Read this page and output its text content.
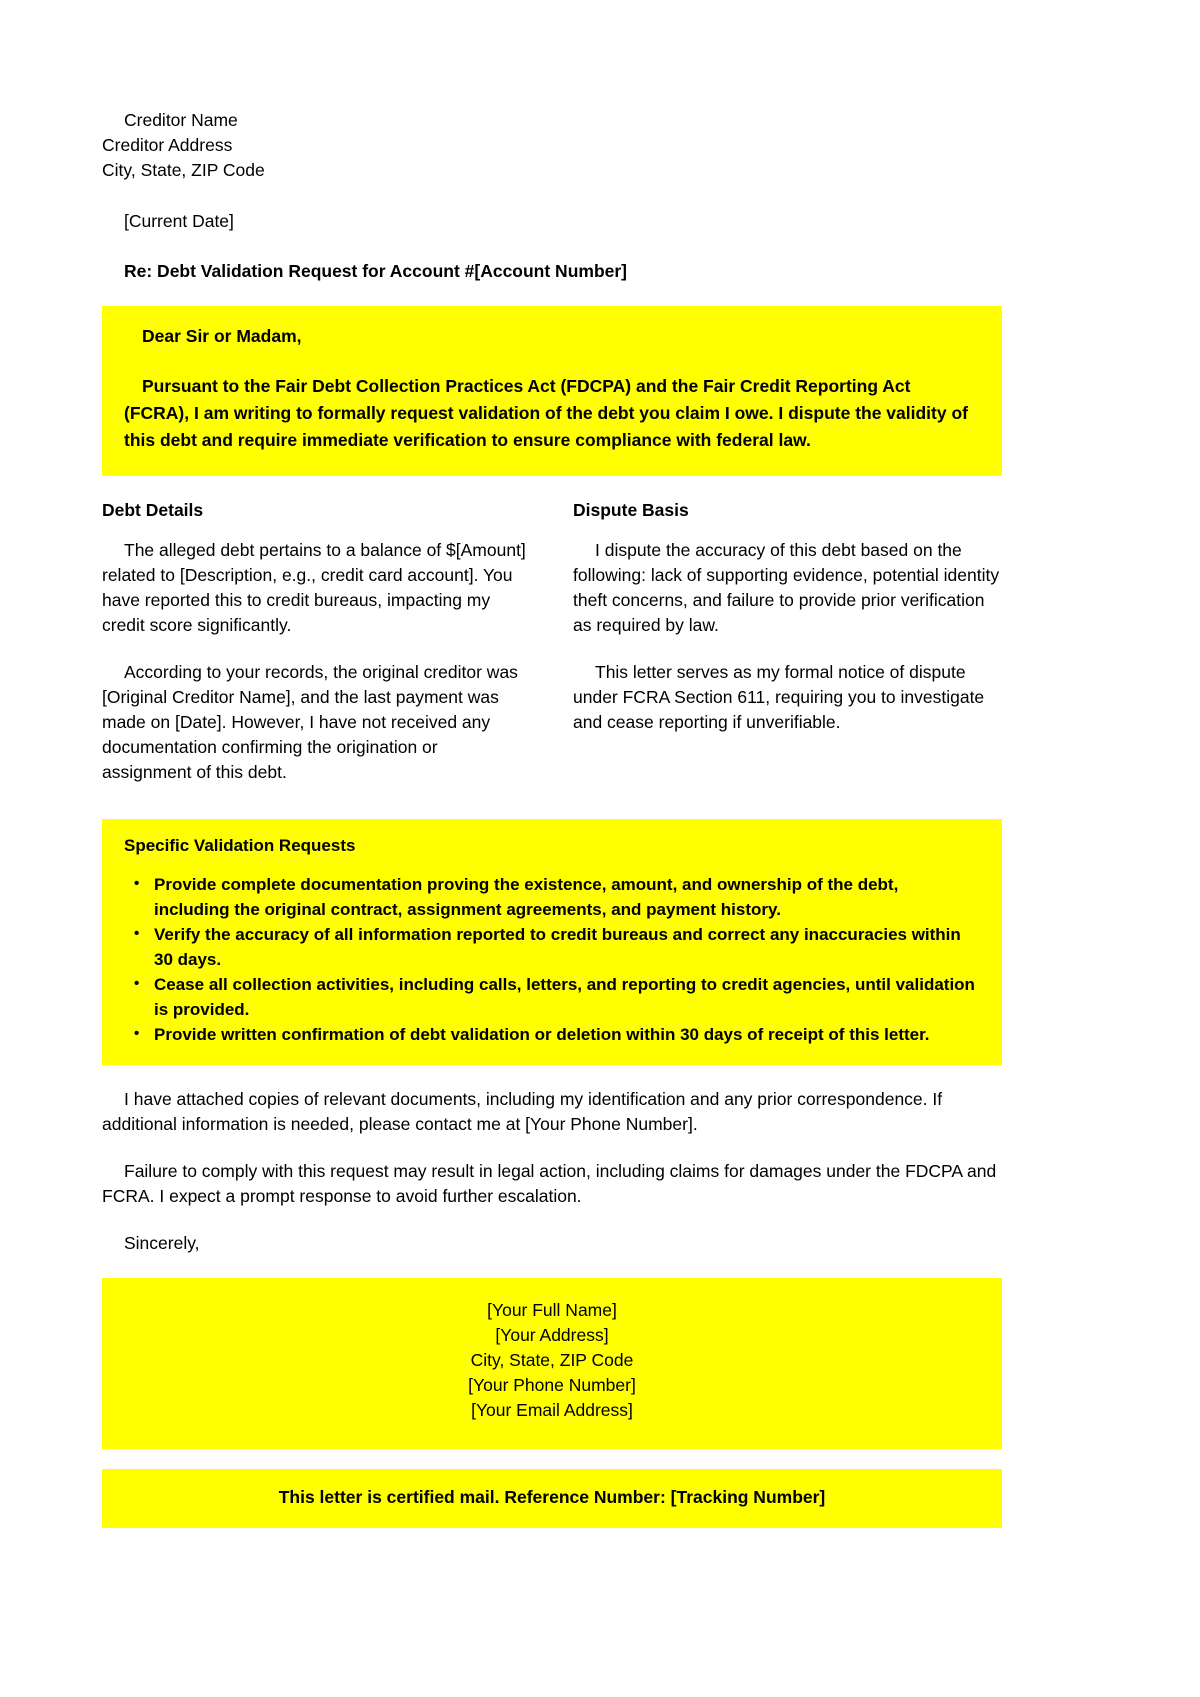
Creditor Name
Creditor Address
City, State, ZIP Code
[Current Date]
Re: Debt Validation Request for Account #[Account Number]

Dear Sir or Madam,

Pursuant to the Fair Debt Collection Practices Act (FDCPA) and the Fair Credit Reporting Act (FCRA), I am writing to formally request validation of the debt you claim I owe. I dispute the validity of this debt and require immediate verification to ensure compliance with federal law.

Debt Details

The alleged debt pertains to a balance of $[Amount] related to [Description, e.g., credit card account]. You have reported this to credit bureaus, impacting my credit score significantly.

According to your records, the original creditor was [Original Creditor Name], and the last payment was made on [Date]. However, I have not received any documentation confirming the origination or assignment of this debt.

Dispute Basis

I dispute the accuracy of this debt based on the following: lack of supporting evidence, potential identity theft concerns, and failure to provide prior verification as required by law.

This letter serves as my formal notice of dispute under FCRA Section 611, requiring you to investigate and cease reporting if unverifiable.

Specific Validation Requests
• Provide complete documentation proving the existence, amount, and ownership of the debt, including the original contract, assignment agreements, and payment history.
• Verify the accuracy of all information reported to credit bureaus and correct any inaccuracies within 30 days.
• Cease all collection activities, including calls, letters, and reporting to credit agencies, until validation is provided.
• Provide written confirmation of debt validation or deletion within 30 days of receipt of this letter.

I have attached copies of relevant documents, including my identification and any prior correspondence. If additional information is needed, please contact me at [Your Phone Number].

Failure to comply with this request may result in legal action, including claims for damages under the FDCPA and FCRA. I expect a prompt response to avoid further escalation.

Sincerely,
[Your Full Name]
[Your Address]
City, State, ZIP Code
[Your Phone Number]
[Your Email Address]
This letter is certified mail. Reference Number: [Tracking Number]
